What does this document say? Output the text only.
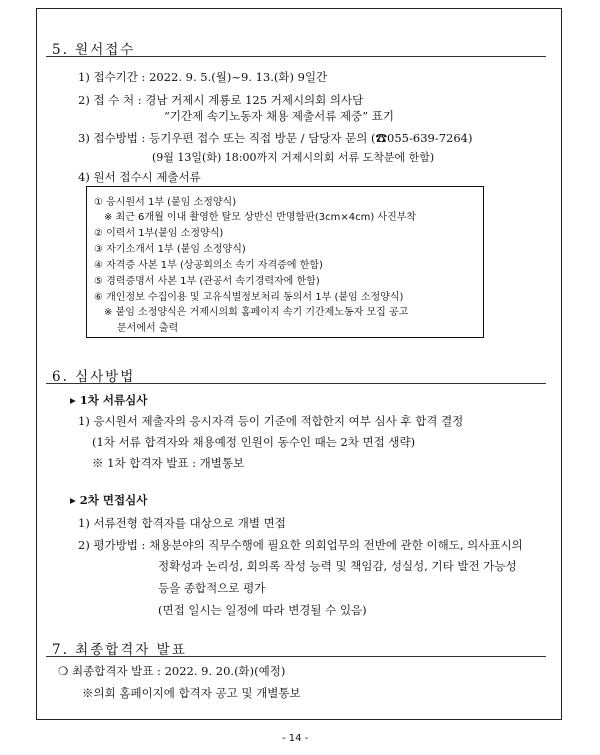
5. 원서접수
1) 접수기간 : 2022. 9. 5.(월)~9. 13.(화) 9일간
2) 접 수 처 : 경남 거제시 계룡로 125 거제시의회 의사담
“기간제 속기노동자 채용 제출서류 제중” 표기
3) 접수방법 : 등기우편 접수 또는 직접 방문 / 담당자 문의 (☎055-639-7264)
(9월 13일(화) 18:00까지 거제시의회 서류 도착분에 한함)
4) 원서 접수시 제출서류
① 응시원서 1부 (붙임 소정양식)
※ 최근 6개월 이내 촬영한 탈모 상반신 반명함판(3cm×4cm) 사진부착
② 이력서 1부(붙임 소정양식)
③ 자기소개서 1부 (붙임 소정양식)
④ 자격증 사본 1부 (상공회의소 속기 자격증에 한함)
⑤ 경력증명서 사본 1부 (관공서 속기경력자에 한함)
⑥ 개인정보 수집이용 및 고유식별정보처리 동의서 1부 (붙임 소정양식)
※ 붙임 소정양식은 거제시의회 홈페이지 속기 기간제노동자 모집 공고
문서에서 출력
6. 심사방법
▸ 1차 서류심사
1) 응시원서 제출자의 응시자격 등이 기준에 적합한지 여부 심사 후 합격 결정
(1차 서류 합격자와 채용예정 인원이 동수인 때는 2차 면접 생략)
※ 1차 합격자 발표 : 개별통보
▸ 2차 면접심사
1) 서류전형 합격자를 대상으로 개별 면접
2) 평가방법 : 채용분야의 직무수행에 필요한 의회업무의 전반에 관한 이해도, 의사표시의
정확성과 논리성, 회의록 작성 능력 및 책임감, 성실성, 기타 발전 가능성
등을 종합적으로 평가
(면접 일시는 일정에 따라 변경될 수 있음)
7. 최종합격자 발표
❍ 최종합격자 발표 : 2022. 9. 20.(화)(예정)
※의회 홈페이지에 합격자 공고 및 개별통보
- 14 -
